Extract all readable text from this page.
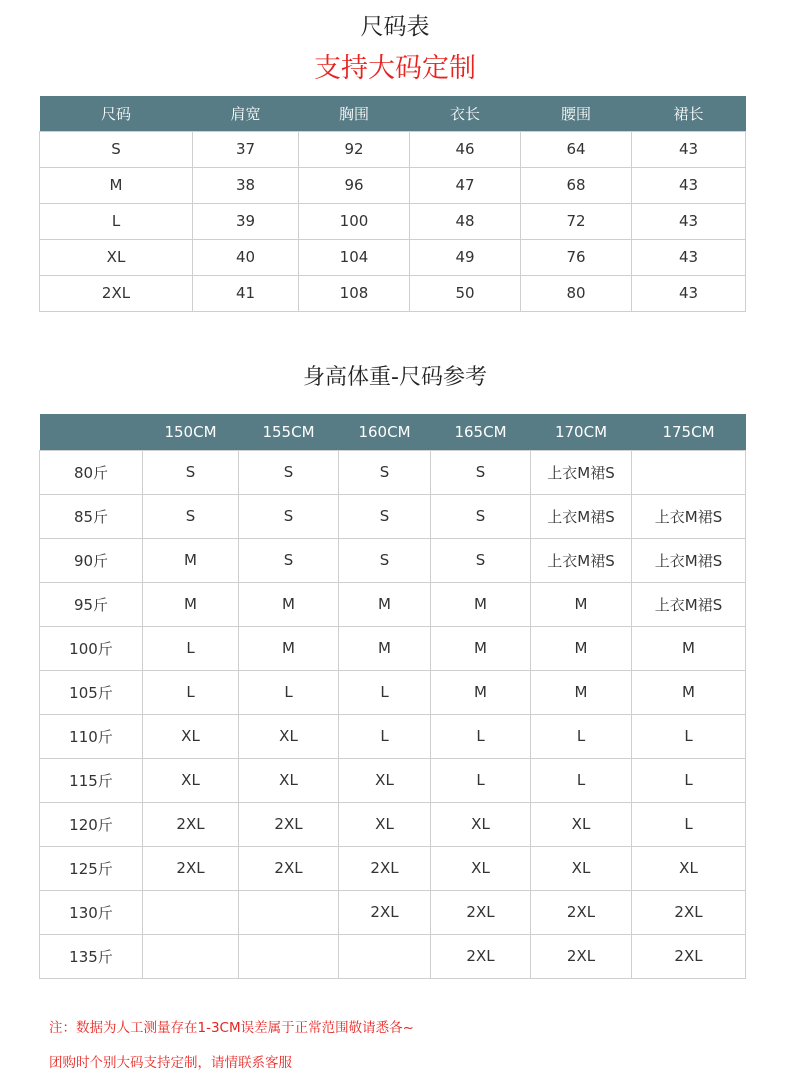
尺码表
支持大码定制
尺码	肩宽	胸围	衣长	腰围	裙长
S	37	92	46	64	43
M	38	96	47	68	43
L	39	100	48	72	43
XL	40	104	49	76	43
2XL	41	108	50	80	43
身高体重-尺码参考
	150CM	155CM	160CM	165CM	170CM	175CM
80斤	S	S	S	S	上衣M裙S	
85斤	S	S	S	S	上衣M裙S	上衣M裙S
90斤	M	S	S	S	上衣M裙S	上衣M裙S
95斤	M	M	M	M	M	上衣M裙S
100斤	L	M	M	M	M	M
105斤	L	L	L	M	M	M
110斤	XL	XL	L	L	L	L
115斤	XL	XL	XL	L	L	L
120斤	2XL	2XL	XL	XL	XL	L
125斤	2XL	2XL	2XL	XL	XL	XL
130斤			2XL	2XL	2XL	2XL
135斤				2XL	2XL	2XL
注：数据为人工测量存在1-3CM误差属于正常范围敬请悉各~
团购时个别大码支持定制，请情联系客服
